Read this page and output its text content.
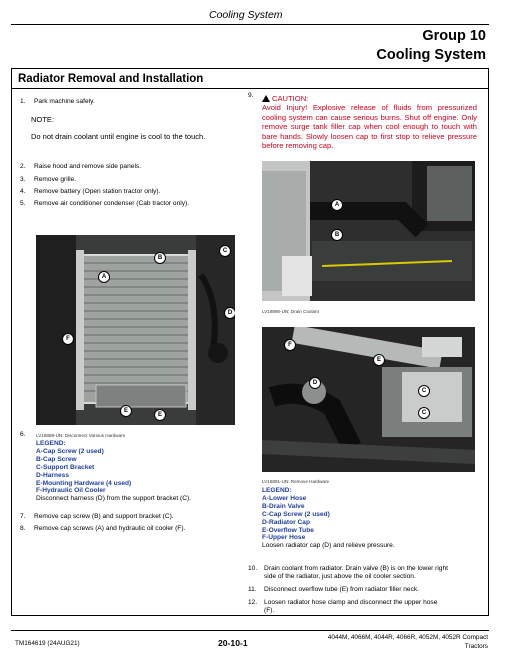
Cooling System
Group 10
Cooling System
Radiator Removal and Installation
1. Park machine safely.
NOTE:
Do not drain coolant until engine is cool to the touch.
2. Raise hood and remove side panels.
3. Remove grille.
4. Remove battery (Open station tractor only).
5. Remove air conditioner condenser (Cab tractor only).
B
C
A
F
D
E
E
6. LV18889-UN: Disconnect Various Hardware
LEGEND:
A-Cap Screw (2 used)
B-Cap Screw
C-Support Bracket
D-Harness
E-Mounting Hardware (4 used)
F-Hydraulic Oil Cooler
Disconnect harness (D) from the support bracket (C).
7. Remove cap screw (B) and support bracket (C).
8. Remove cap screws (A) and hydraulic oil cooler (F).
9.	CAUTION:
Avoid Injury! Explosive release of fluids from pressurized cooling system can cause serious burns. Shut off engine. Only remove surge tank filler cap when cool enough to touch with bare hands. Slowly loosen cap to first stop to relieve pressure before removing cap.
A
B
LV18890-UN: Drain Coolant
F
D
E
C
C
LV18891-UN: Remove Hardware
LEGEND:
A-Lower Hose
B-Drain Valve
C-Cap Screw (2 used)
D-Radiator Cap
E-Overflow Tube
F-Upper Hose
Loosen radiator cap (D) and relieve pressure.
10. Drain coolant from radiator. Drain valve (B) is on the lower right
side of the radiator, just above the oil cooler section.
11. Disconnect overflow tube (E) from radiator filler neck.
12. Loosen radiator hose clamp and disconnect the upper hose
(F).
TM164619 (24AUG21)	20-10-1
4044M, 4066M, 4044R, 4066R, 4052M, 4052R Compact
Tractors
